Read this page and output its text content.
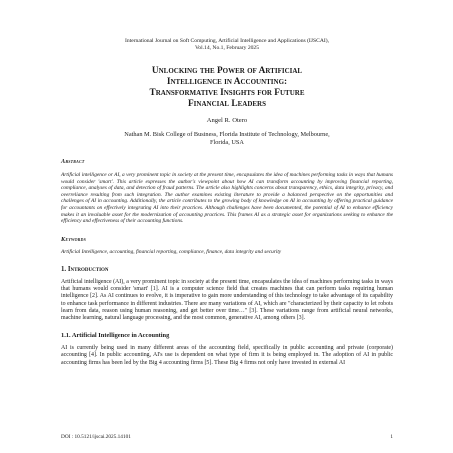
International Journal on Soft Computing, Artificial Intelligence and Applications (IJSCAI),
Vol.14, No.1, February 2025

Unlocking the Power of Artificial
Intelligence in Accounting:
Transformative Insights for Future
Financial Leaders

Angel R. Otero

Nathan M. Bisk College of Business, Florida Institute of Technology, Melbourne,
Florida, USA

Abstract

Artificial intelligence or AI, a very prominent topic in society at the present time, encapsulates the idea of machines performing tasks in ways that humans would consider 'smart'. This article expresses the author's viewpoint about how AI can transform accounting by improving financial reporting, compliance, analyses of data, and detection of fraud patterns. The article also highlights concerns about transparency, ethics, data integrity, privacy, and overreliance resulting from such integration. The author examines existing literature to provide a balanced perspective on the opportunities and challenges of AI in accounting. Additionally, the article contributes to the growing body of knowledge on AI in accounting by offering practical guidance for accountants on effectively integrating AI into their practices. Although challenges have been documented, the potential of AI to enhance efficiency makes it an invaluable asset for the modernization of accounting practices. This frames AI as a strategic asset for organizations seeking to enhance the efficiency and effectiveness of their accounting functions.

Keywords

Artificial Intelligence, accounting, financial reporting, compliance, finance, data integrity and security

1. Introduction

Artificial intelligence (AI), a very prominent topic in society at the present time, encapsulates the idea of machines performing tasks in ways that humans would consider 'smart' [1]. AI is a computer science field that creates machines that can perform tasks requiring human intelligence [2]. As AI continues to evolve, it is imperative to gain more understanding of this technology to take advantage of its capability to enhance task performance in different industries. There are many variations of AI, which are "characterized by their capacity to let robots learn from data, reason using human reasoning, and get better over time…" [3]. These variations range from artificial neural networks, machine learning, natural language processing, and the most common, generative AI, among others [3].

1.1. Artificial Intelligence in Accounting

AI is currently being used in many different areas of the accounting field, specifically in public accounting and private (corporate) accounting [4]. In public accounting, AI's use is dependent on what type of firm it is being employed in. The adoption of AI in public accounting firms has been led by the Big 4 accounting firms [5]. These Big 4 firms not only have invested in external AI

DOI : 10.5121/ijscai.2025.14101	1
